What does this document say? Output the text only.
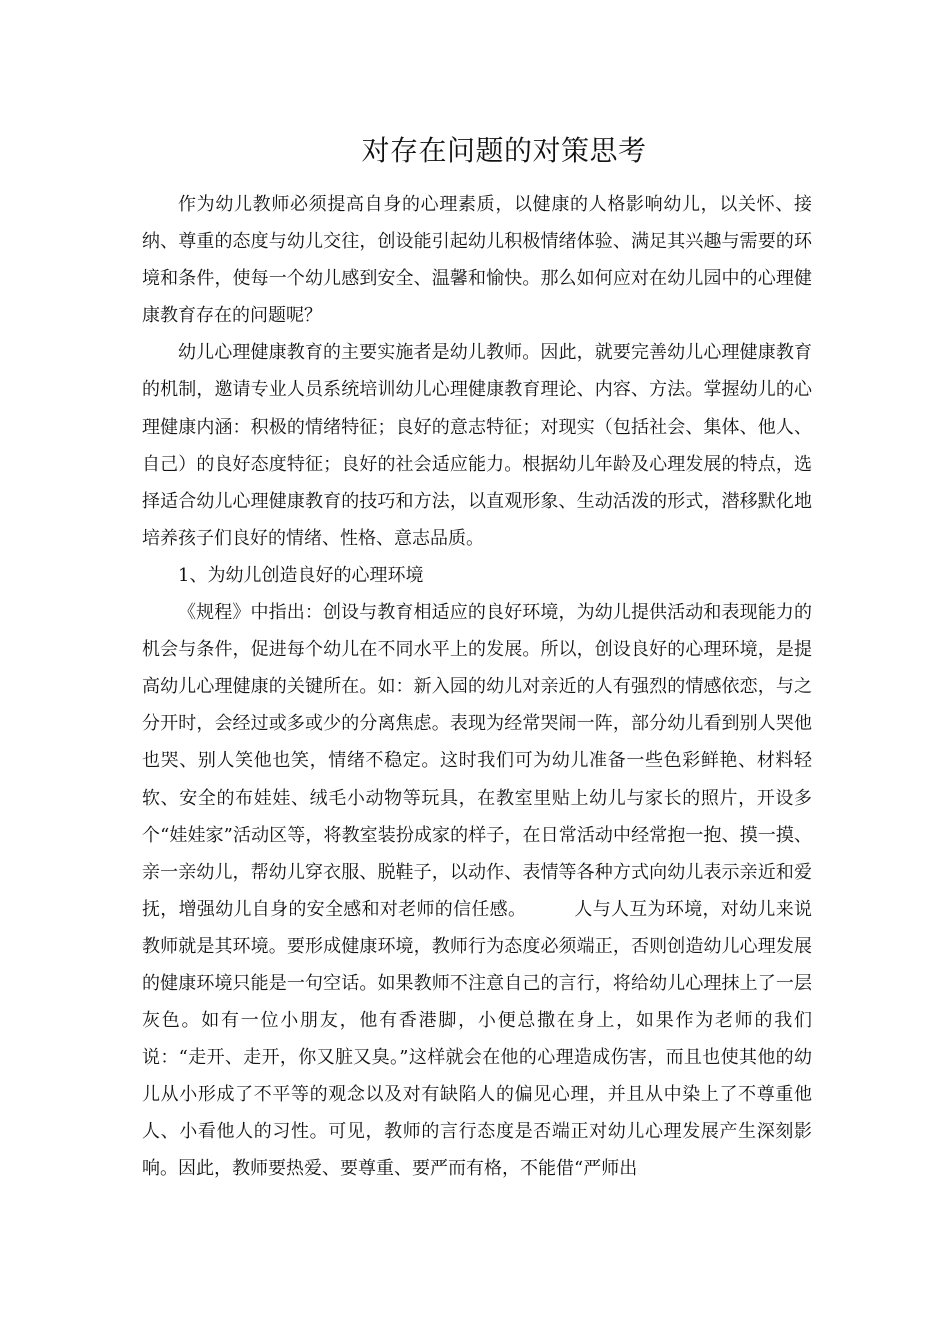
对存在问题的对策思考

作为幼儿教师必须提高自身的心理素质，以健康的人格影响幼儿，以关怀、接纳、尊重的态度与幼儿交往，创设能引起幼儿积极情绪体验、满足其兴趣与需要的环境和条件，使每一个幼儿感到安全、温馨和愉快。那么如何应对在幼儿园中的心理健康教育存在的问题呢？

幼儿心理健康教育的主要实施者是幼儿教师。因此，就要完善幼儿心理健康教育的机制，邀请专业人员系统培训幼儿心理健康教育理论、内容、方法。掌握幼儿的心理健康内涵：积极的情绪特征；良好的意志特征；对现实（包括社会、集体、他人、自己）的良好态度特征；良好的社会适应能力。根据幼儿年龄及心理发展的特点，选择适合幼儿心理健康教育的技巧和方法，以直观形象、生动活泼的形式，潜移默化地培养孩子们良好的情绪、性格、意志品质。

1、为幼儿创造良好的心理环境

《规程》中指出：创设与教育相适应的良好环境，为幼儿提供活动和表现能力的机会与条件，促进每个幼儿在不同水平上的发展。所以，创设良好的心理环境，是提高幼儿心理健康的关键所在。如：新入园的幼儿对亲近的人有强烈的情感依恋，与之分开时，会经过或多或少的分离焦虑。表现为经常哭闹一阵，部分幼儿看到别人哭他也哭、别人笑他也笑，情绪不稳定。这时我们可为幼儿准备一些色彩鲜艳、材料轻软、安全的布娃娃、绒毛小动物等玩具，在教室里贴上幼儿与家长的照片，开设多个“娃娃家”活动区等，将教室装扮成家的样子，在日常活动中经常抱一抱、摸一摸、亲一亲幼儿，帮幼儿穿衣服、脱鞋子，以动作、表情等各种方式向幼儿表示亲近和爱抚，增强幼儿自身的安全感和对老师的信任感。        人与人互为环境，对幼儿来说教师就是其环境。要形成健康环境，教师行为态度必须端正，否则创造幼儿心理发展的健康环境只能是一句空话。如果教师不注意自己的言行，将给幼儿心理抹上了一层灰色。如有一位小朋友，他有香港脚，小便总撒在身上，如果作为老师的我们说：“走开、走开，你又脏又臭。”这样就会在他的心理造成伤害，而且也使其他的幼儿从小形成了不平等的观念以及对有缺陷人的偏见心理，并且从中染上了不尊重他人、小看他人的习性。可见，教师的言行态度是否端正对幼儿心理发展产生深刻影响。因此，教师要热爱、要尊重、要严而有格，不能借“严师出
